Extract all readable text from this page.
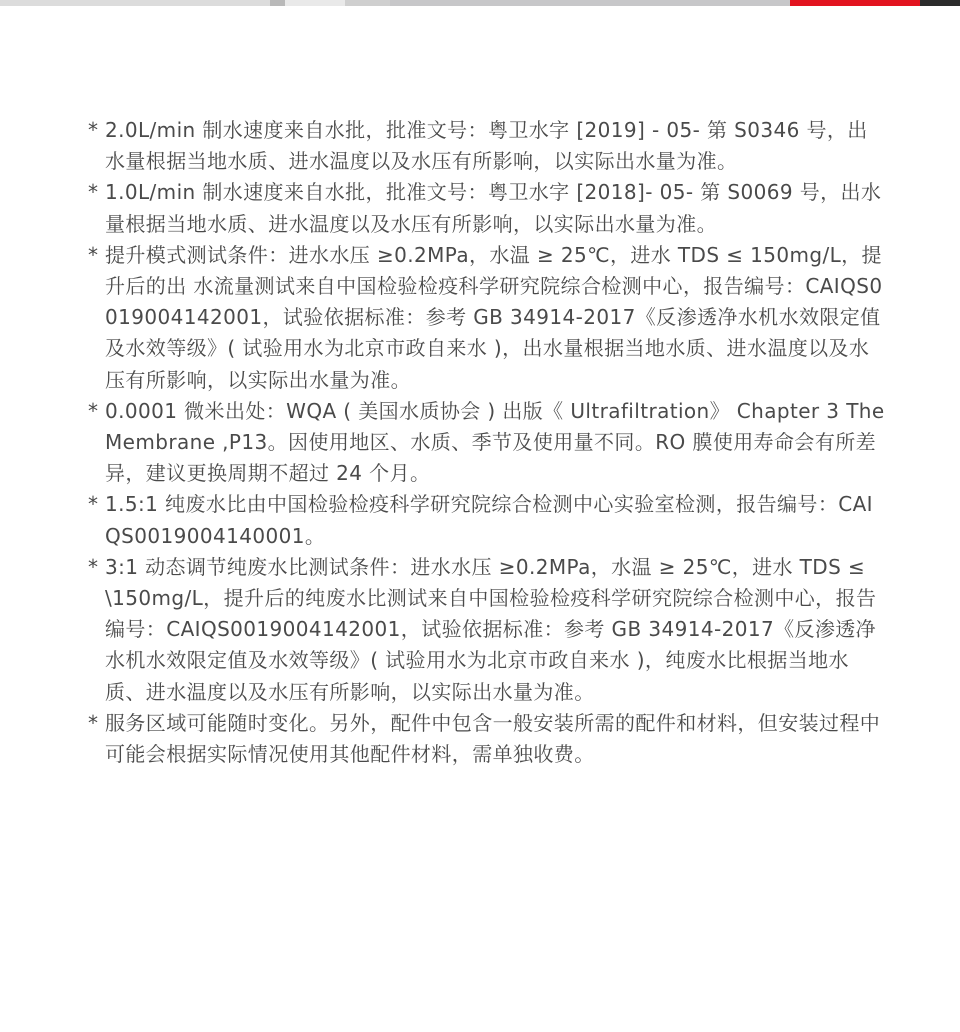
* 2.0L/min 制水速度来自水批，批准文号：粤卫水字 [2019] - 05- 第 S0346 号，出水量根据当地水质、进水温度以及水压有所影响，以实际出水量为准。
* 1.0L/min 制水速度来自水批，批准文号：粤卫水字 [2018]- 05- 第 S0069 号，出水量根据当地水质、进水温度以及水压有所影响，以实际出水量为准。
* 提升模式测试条件：进水水压 ≥0.2MPa，水温 ≥ 25℃，进水 TDS ≤ 150mg/L，提升后的出 水流量测试来自中国检验检疫科学研究院综合检测中心，报告编号：CAIQS0019004142001，试验依据标准：参考 GB 34914-2017《反渗透净水机水效限定值及水效等级》( 试验用水为北京市政自来水 )，出水量根据当地水质、进水温度以及水压有所影响，以实际出水量为准。
* 0.0001 微米出处：WQA ( 美国水质协会 ) 出版《 Ultrafiltration》 Chapter 3 The Membrane ,P13。因使用地区、水质、季节及使用量不同。RO 膜使用寿命会有所差异，建议更换周期不超过 24 个月。
* 1.5:1 纯废水比由中国检验检疫科学研究院综合检测中心实验室检测，报告编号：CAIQS0019004140001。
* 3:1 动态调节纯废水比测试条件：进水水压 ≥0.2MPa，水温 ≥ 25℃，进水 TDS ≤ \150mg/L，提升后的纯废水比测试来自中国检验检疫科学研究院综合检测中心，报告编号：CAIQS0019004142001，试验依据标准：参考 GB 34914-2017《反渗透净水机水效限定值及水效等级》( 试验用水为北京市政自来水 )，纯废水比根据当地水质、进水温度以及水压有所影响，以实际出水量为准。
* 服务区域可能随时变化。另外，配件中包含一般安装所需的配件和材料，但安装过程中可能会根据实际情况使用其他配件材料，需单独收费。
